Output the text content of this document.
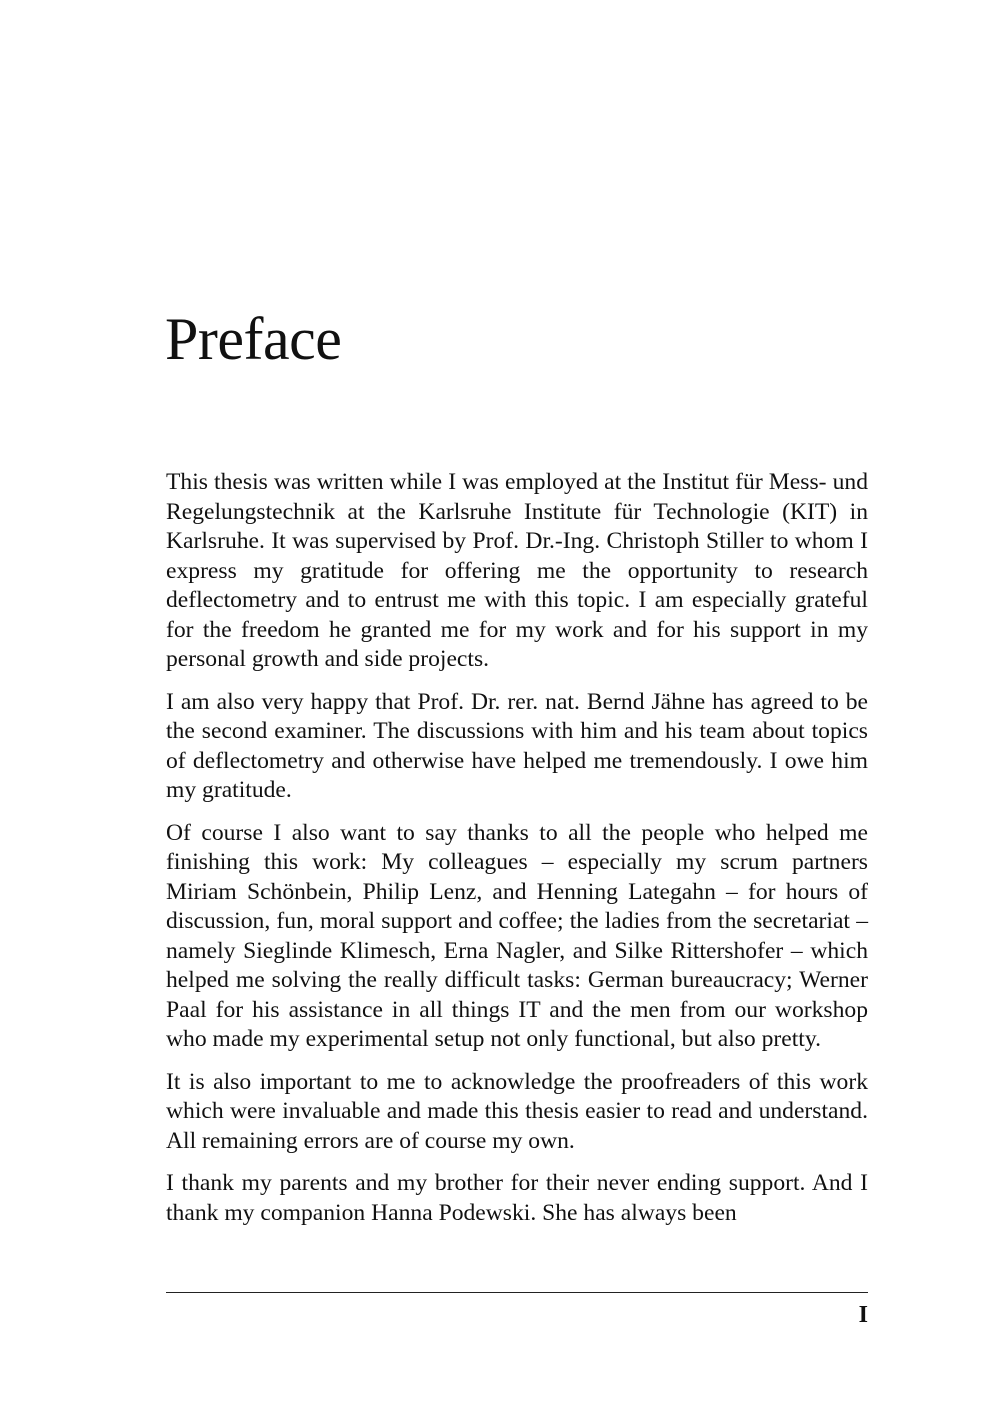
Preface

This thesis was written while I was employed at the Institut für Mess- und Regelungstechnik at the Karlsruhe Institute für Technologie (KIT) in Karlsruhe. It was supervised by Prof. Dr.-Ing. Christoph Stiller to whom I express my gratitude for offering me the opportunity to research deflectometry and to entrust me with this topic. I am especially grateful for the freedom he granted me for my work and for his support in my personal growth and side projects.

I am also very happy that Prof. Dr. rer. nat. Bernd Jähne has agreed to be the second examiner. The discussions with him and his team about topics of deflectometry and otherwise have helped me tremendously. I owe him my gratitude.

Of course I also want to say thanks to all the people who helped me finishing this work: My colleagues – especially my scrum partners Miriam Schönbein, Philip Lenz, and Henning Lategahn – for hours of discussion, fun, moral support and coffee; the ladies from the secretariat – namely Sieglinde Klimesch, Erna Nagler, and Silke Rittershofer – which helped me solving the really difficult tasks: German bureaucracy; Werner Paal for his assistance in all things IT and the men from our workshop who made my experimental setup not only functional, but also pretty.

It is also important to me to acknowledge the proofreaders of this work which were invaluable and made this thesis easier to read and understand. All remaining errors are of course my own.

I thank my parents and my brother for their never ending support. And I thank my companion Hanna Podewski. She has always been

I
